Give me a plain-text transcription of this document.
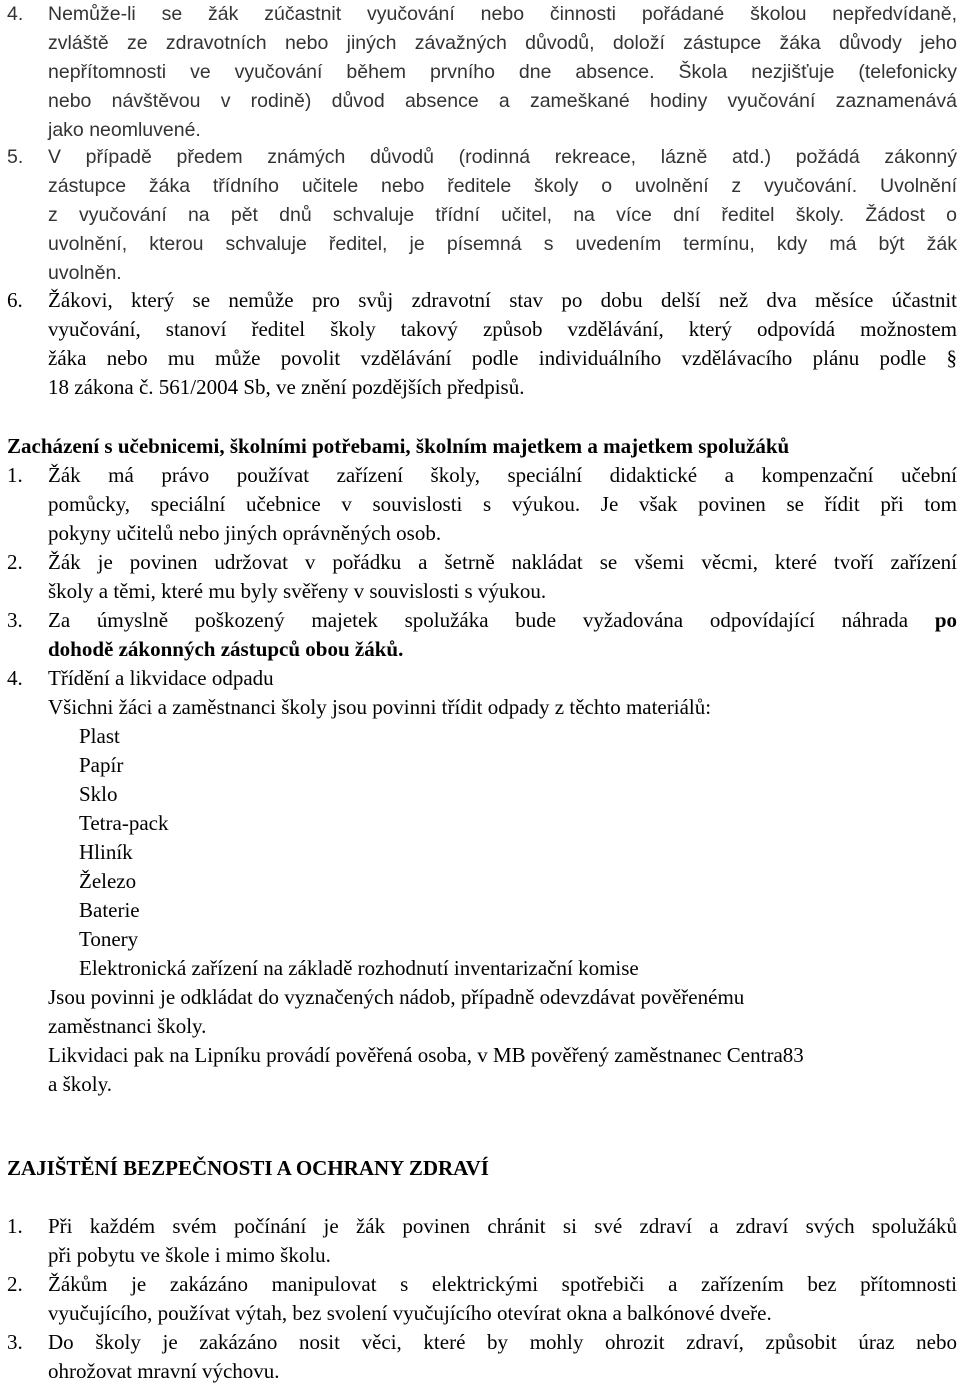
4. Nemůže-li se žák zúčastnit vyučování nebo činnosti pořádané školou nepředvídaně,
zvláště ze zdravotních nebo jiných závažných důvodů, doloží zástupce žáka důvody jeho
nepřítomnosti ve vyučování během prvního dne absence. Škola nezjišťuje (telefonicky
nebo návštěvou v rodině) důvod absence a zameškané hodiny vyučování zaznamenává
jako neomluvené.
5. V případě předem známých důvodů (rodinná rekreace, lázně atd.) požádá zákonný
zástupce žáka třídního učitele nebo ředitele školy o uvolnění z vyučování. Uvolnění
z vyučování na pět dnů schvaluje třídní učitel, na více dní ředitel školy. Žádost o
uvolnění, kterou schvaluje ředitel, je písemná s uvedením termínu, kdy má být žák
uvolněn.
6. Žákovi, který se nemůže pro svůj zdravotní stav po dobu delší než dva měsíce účastnit
vyučování, stanoví ředitel školy takový způsob vzdělávání, který odpovídá možnostem
žáka nebo mu může povolit vzdělávání podle individuálního vzdělávacího plánu podle §
18 zákona č. 561/2004 Sb, ve znění pozdějších předpisů.
Zacházení s učebnicemi, školními potřebami, školním majetkem a majetkem spolužáků
1. Žák má právo používat zařízení školy, speciální didaktické a kompenzační učební
pomůcky, speciální učebnice v souvislosti s výukou. Je však povinen se řídit při tom
pokyny učitelů nebo jiných oprávněných osob.
2. Žák je povinen udržovat v pořádku a šetrně nakládat se všemi věcmi, které tvoří zařízení
školy a těmi, které mu byly svěřeny v souvislosti s výukou.
3. Za úmyslně poškozený majetek spolužáka bude vyžadována odpovídající náhrada po
dohodě zákonných zástupců obou žáků.
4. Třídění a likvidace odpadu
Všichni žáci a zaměstnanci školy jsou povinni třídit odpady z těchto materiálů:
Plast
Papír
Sklo
Tetra-pack
Hliník
Železo
Baterie
Tonery
Elektronická zařízení na základě rozhodnutí inventarizační komise
Jsou povinni je odkládat do vyznačených nádob, případně odevzdávat pověřenému
zaměstnanci školy.
Likvidaci pak na Lipníku provádí pověřená osoba, v MB pověřený zaměstnanec Centra83
a školy.
ZAJIŠTĚNÍ BEZPEČNOSTI A OCHRANY ZDRAVÍ
1. Při každém svém počínání je žák povinen chránit si své zdraví a zdraví svých spolužáků
při pobytu ve škole i mimo školu.
2. Žákům je zakázáno manipulovat s elektrickými spotřebiči a zařízením bez přítomnosti
vyučujícího, používat výtah, bez svolení vyučujícího otevírat okna a balkónové dveře.
3. Do školy je zakázáno nosit věci, které by mohly ohrozit zdraví, způsobit úraz nebo
ohrožovat mravní výchovu.
